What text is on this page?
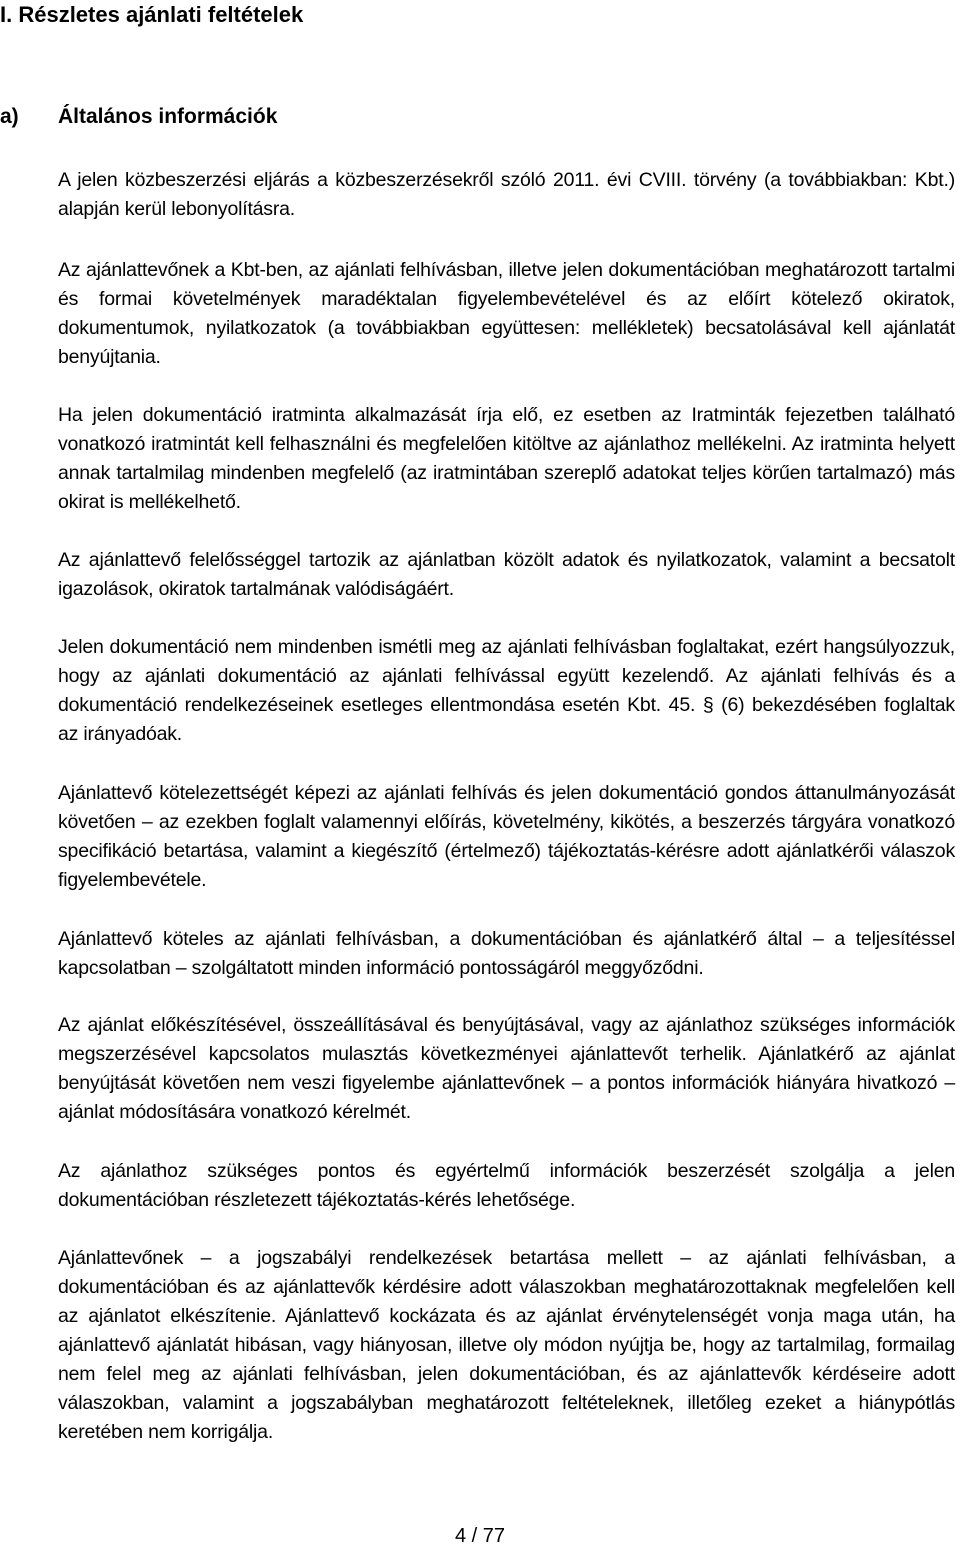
I. Részletes ajánlati feltételek
a) Általános információk

A jelen közbeszerzési eljárás a közbeszerzésekről szóló 2011. évi CVIII. törvény (a továbbiakban: Kbt.) alapján kerül lebonyolításra.

Az ajánlattevőnek a Kbt-ben, az ajánlati felhívásban, illetve jelen dokumentációban meghatározott tartalmi és formai követelmények maradéktalan figyelembevételével és az előírt kötelező okiratok, dokumentumok, nyilatkozatok (a továbbiakban együttesen: mellékletek) becsatolásával kell ajánlatát benyújtania.

Ha jelen dokumentáció iratminta alkalmazását írja elő, ez esetben az Iratminták fejezetben található vonatkozó iratmintát kell felhasználni és megfelelően kitöltve az ajánlathoz mellékelni. Az iratminta helyett annak tartalmilag mindenben megfelelő (az iratmintában szereplő adatokat teljes körűen tartalmazó) más okirat is mellékelhető.

Az ajánlattevő felelősséggel tartozik az ajánlatban közölt adatok és nyilatkozatok, valamint a becsatolt igazolások, okiratok tartalmának valódiságáért.

Jelen dokumentáció nem mindenben ismétli meg az ajánlati felhívásban foglaltakat, ezért hangsúlyozzuk, hogy az ajánlati dokumentáció az ajánlati felhívással együtt kezelendő. Az ajánlati felhívás és a dokumentáció rendelkezéseinek esetleges ellentmondása esetén Kbt. 45. § (6) bekezdésében foglaltak az irányadóak.

Ajánlattevő kötelezettségét képezi az ajánlati felhívás és jelen dokumentáció gondos áttanulmányozását követően – az ezekben foglalt valamennyi előírás, követelmény, kikötés, a beszerzés tárgyára vonatkozó specifikáció betartása, valamint a kiegészítő (értelmező) tájékoztatás-kérésre adott ajánlatkérői válaszok figyelembevétele.

Ajánlattevő köteles az ajánlati felhívásban, a dokumentációban és ajánlatkérő által – a teljesítéssel kapcsolatban – szolgáltatott minden információ pontosságáról meggyőződni.

Az ajánlat előkészítésével, összeállításával és benyújtásával, vagy az ajánlathoz szükséges információk megszerzésével kapcsolatos mulasztás következményei ajánlattevőt terhelik. Ajánlatkérő az ajánlat benyújtását követően nem veszi figyelembe ajánlattevőnek – a pontos információk hiányára hivatkozó – ajánlat módosítására vonatkozó kérelmét.

Az ajánlathoz szükséges pontos és egyértelmű információk beszerzését szolgálja a jelen dokumentációban részletezett tájékoztatás-kérés lehetősége.

Ajánlattevőnek – a jogszabályi rendelkezések betartása mellett – az ajánlati felhívásban, a dokumentációban és az ajánlattevők kérdésire adott válaszokban meghatározottaknak megfelelően kell az ajánlatot elkészítenie. Ajánlattevő kockázata és az ajánlat érvénytelenségét vonja maga után, ha ajánlattevő ajánlatát hibásan, vagy hiányosan, illetve oly módon nyújtja be, hogy az tartalmilag, formailag nem felel meg az ajánlati felhívásban, jelen dokumentációban, és az ajánlattevők kérdéseire adott válaszokban, valamint a jogszabályban meghatározott feltételeknek, illetőleg ezeket a hiánypótlás keretében nem korrigálja.

4 / 77
